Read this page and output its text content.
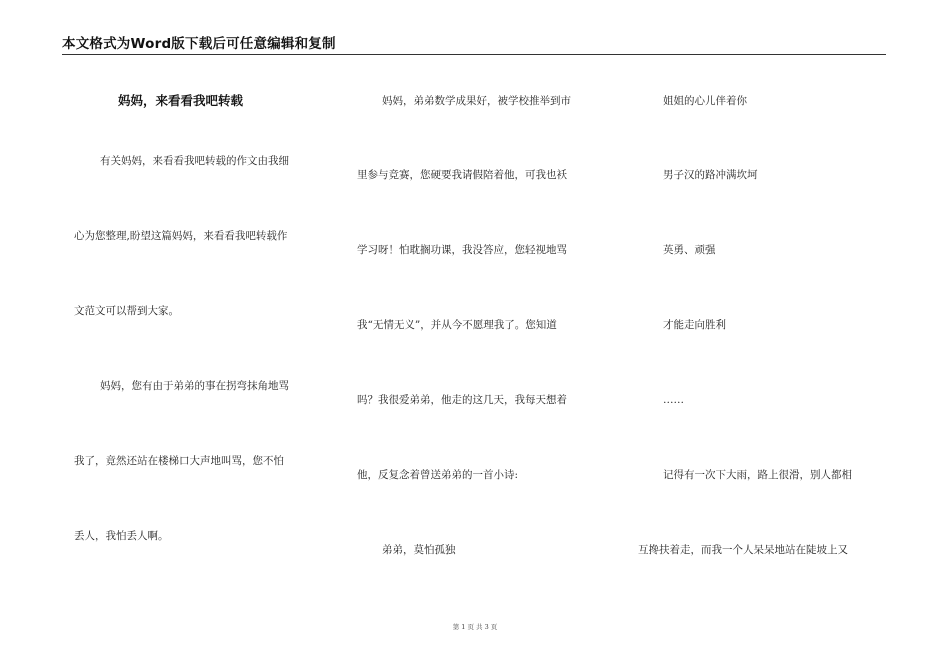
本文格式为Word版下载后可任意编辑和复制
妈妈，来看看我吧转载
有关妈妈，来看看我吧转载的作文由我细
心为您整理,盼望这篇妈妈，来看看我吧转载作
文范文可以帮到大家。
妈妈，您有由于弟弟的事在拐弯抹角地骂
我了，竟然还站在楼梯口大声地叫骂，您不怕
丢人，我怕丢人啊。
妈妈，弟弟数学成果好，被学校推举到市
里参与竞赛，您硬要我请假陪着他，可我也袄
学习呀！怕耽搁功课，我没答应，您轻视地骂
我“无情无义”，并从今不愿理我了。您知道
吗？我很爱弟弟，他走的这几天，我每天想着
他，反复念着曾送弟弟的一首小诗:
弟弟，莫怕孤独
姐姐的心儿伴着你
男子汉的路冲满坎坷
英勇、顽强
才能走向胜利
……
记得有一次下大雨，路上很滑，别人都相
互搀扶着走，而我一个人呆呆地站在陡坡上又
第 1 页 共 3 页
